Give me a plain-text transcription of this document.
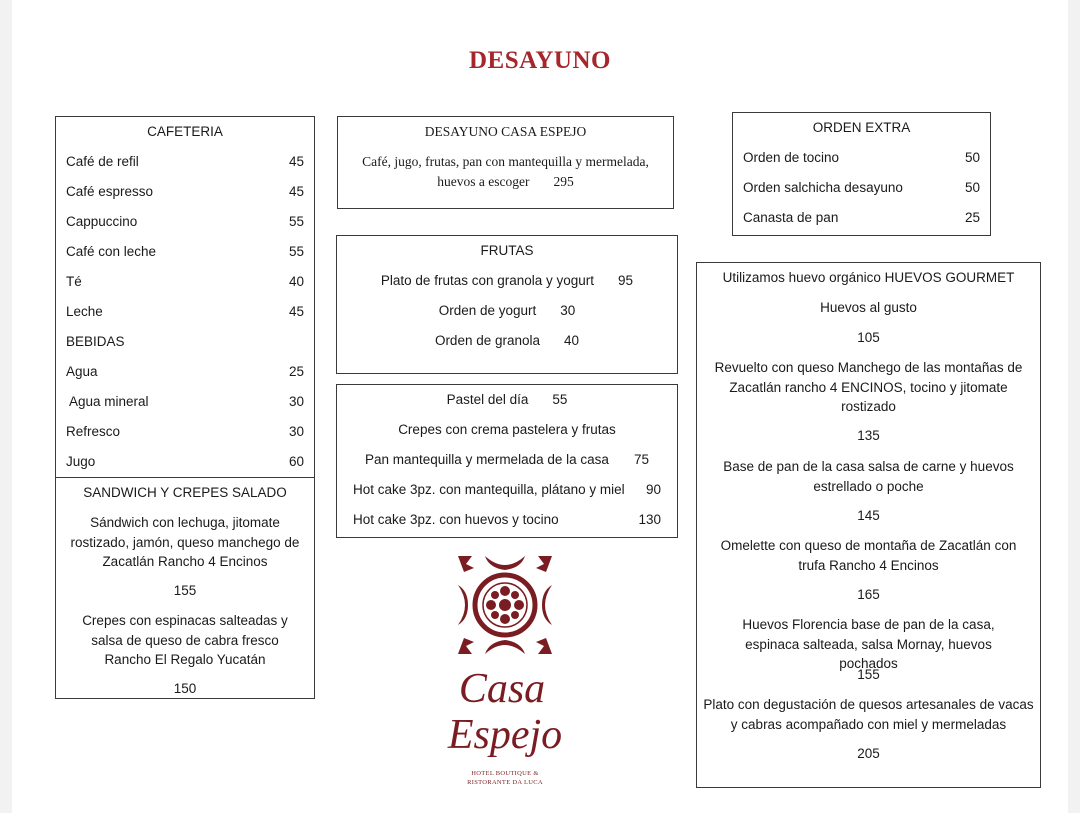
DESAYUNO
CAFETERIA
Café de refil	45
Café espresso	45
Cappuccino	55
Café con leche	55
Té	40
Leche	45
BEBIDAS
Agua	25
Agua mineral	30
Refresco	30
Jugo	60
SANDWICH Y CREPES SALADO
Sándwich con lechuga, jitomate rostizado, jamón, queso manchego de Zacatlán Rancho 4 Encinos
155
Crepes con espinacas salteadas y salsa de queso de cabra fresco Rancho El Regalo Yucatán
150
DESAYUNO CASA ESPEJO
Café, jugo, frutas, pan con mantequilla y mermelada,
huevos a escoger 295
FRUTAS
Plato de frutas con granola y yogurt 95
Orden de yogurt 30
Orden de granola 40
Pastel del día 55
Crepes con crema pastelera y frutas
Pan mantequilla y mermelada de la casa 75
Hot cake 3pz. con mantequilla, plátano y miel 90
Hot cake 3pz. con huevos y tocino	130
ORDEN EXTRA
Orden de tocino	50
Orden salchicha desayuno	50
Canasta de pan	25
Utilizamos huevo orgánico HUEVOS GOURMET
Huevos al gusto
105
Revuelto con queso Manchego de las montañas de Zacatlán rancho 4 ENCINOS, tocino y jitomate rostizado
135
Base de pan de la casa salsa de carne y huevos estrellado o poche
145
Omelette con queso de montaña de Zacatlán con trufa Rancho 4 Encinos
165
Huevos Florencia base de pan de la casa, espinaca salteada, salsa Mornay, huevos pochados
155
Plato con degustación de quesos artesanales de vacas y cabras acompañado con miel y mermeladas
205
Casa
Espejo
HOTEL BOUTIQUE &
RISTORANTE DA LUCA
